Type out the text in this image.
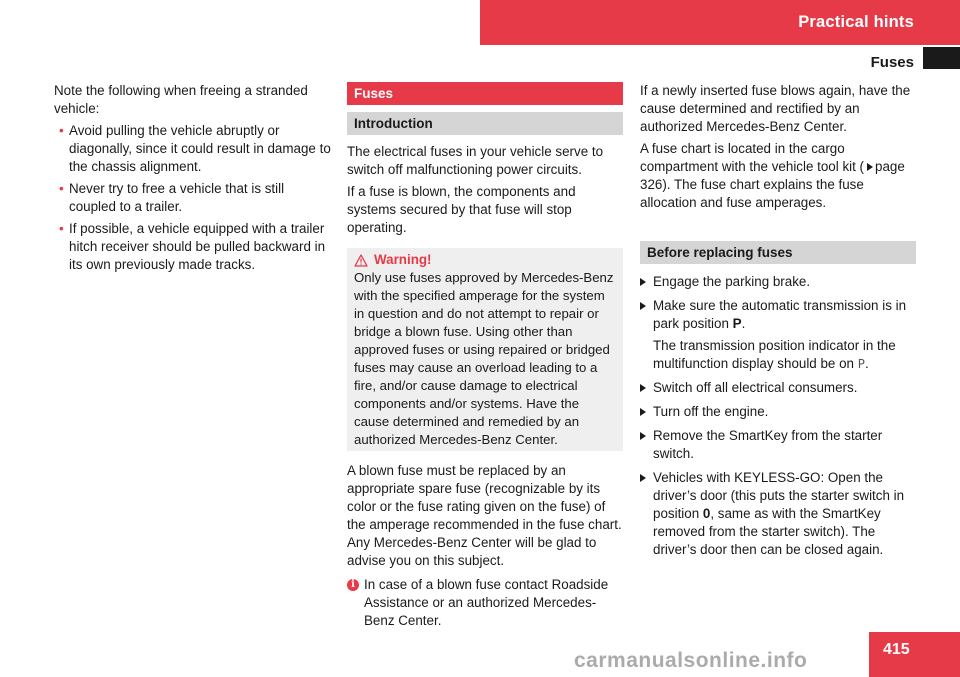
Practical hints
Fuses
Note the following when freeing a stranded vehicle:
• Avoid pulling the vehicle abruptly or diagonally, since it could result in damage to the chassis alignment.
• Never try to free a vehicle that is still coupled to a trailer.
• If possible, a vehicle equipped with a trailer hitch receiver should be pulled backward in its own previously made tracks.
Fuses
Introduction
The electrical fuses in your vehicle serve to switch off malfunctioning power circuits.
If a fuse is blown, the components and systems secured by that fuse will stop operating.
Warning!
Only use fuses approved by Mercedes-Benz with the specified amperage for the system in question and do not attempt to repair or bridge a blown fuse. Using other than approved fuses or using repaired or bridged fuses may cause an overload leading to a fire, and/or cause damage to electrical components and/or systems. Have the cause determined and remedied by an authorized Mercedes-Benz Center.
A blown fuse must be replaced by an appropriate spare fuse (recognizable by its color or the fuse rating given on the fuse) of the amperage recommended in the fuse chart. Any Mercedes-Benz Center will be glad to advise you on this subject.
i In case of a blown fuse contact Roadside Assistance or an authorized Mercedes-Benz Center.
If a newly inserted fuse blows again, have the cause determined and rectified by an authorized Mercedes-Benz Center.
A fuse chart is located in the cargo compartment with the vehicle tool kit ( page 326). The fuse chart explains the fuse allocation and fuse amperages.
Before replacing fuses
Engage the parking brake.
Make sure the automatic transmission is in park position P.
The transmission position indicator in the multifunction display should be on P.
Switch off all electrical consumers.
Turn off the engine.
Remove the SmartKey from the starter switch.
Vehicles with KEYLESS-GO: Open the driver’s door (this puts the starter switch in position 0, same as with the SmartKey removed from the starter switch). The driver’s door then can be closed again.
415
carmanualsonline.info
